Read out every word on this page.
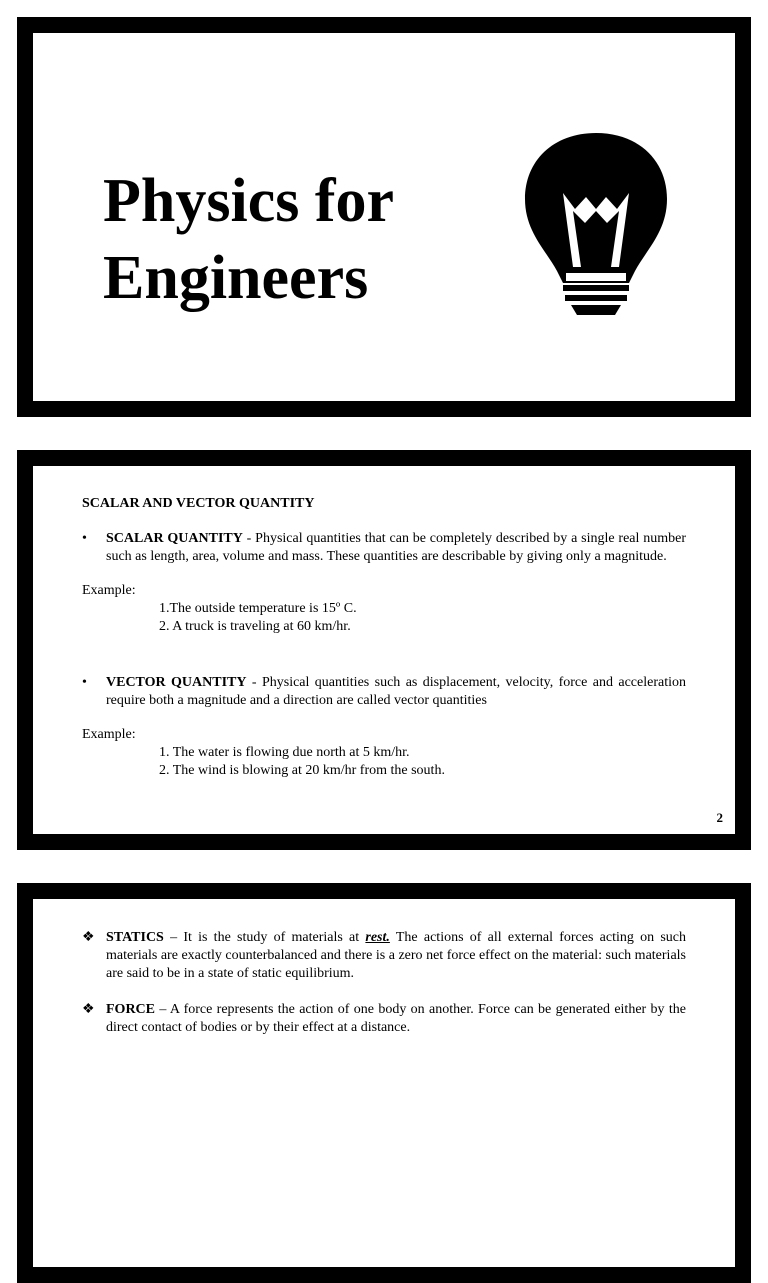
Physics for
Engineers
SCALAR AND VECTOR QUANTITY
• SCALAR QUANTITY - Physical quantities that can be completely described by a single real number such as length, area, volume and mass. These quantities are describable by giving only a magnitude.
Example:
1.The outside temperature is 15º C.
2. A truck is traveling at 60 km/hr.
• VECTOR QUANTITY - Physical quantities such as displacement, velocity, force and acceleration require both a magnitude and a direction are called vector quantities
Example:
1. The water is flowing due north at 5 km/hr.
2. The wind is blowing at 20 km/hr from the south.
2
❖ STATICS – It is the study of materials at rest. The actions of all external forces acting on such materials are exactly counterbalanced and there is a zero net force effect on the material: such materials are said to be in a state of static equilibrium.
❖ FORCE – A force represents the action of one body on another. Force can be generated either by the direct contact of bodies or by their effect at a distance.
